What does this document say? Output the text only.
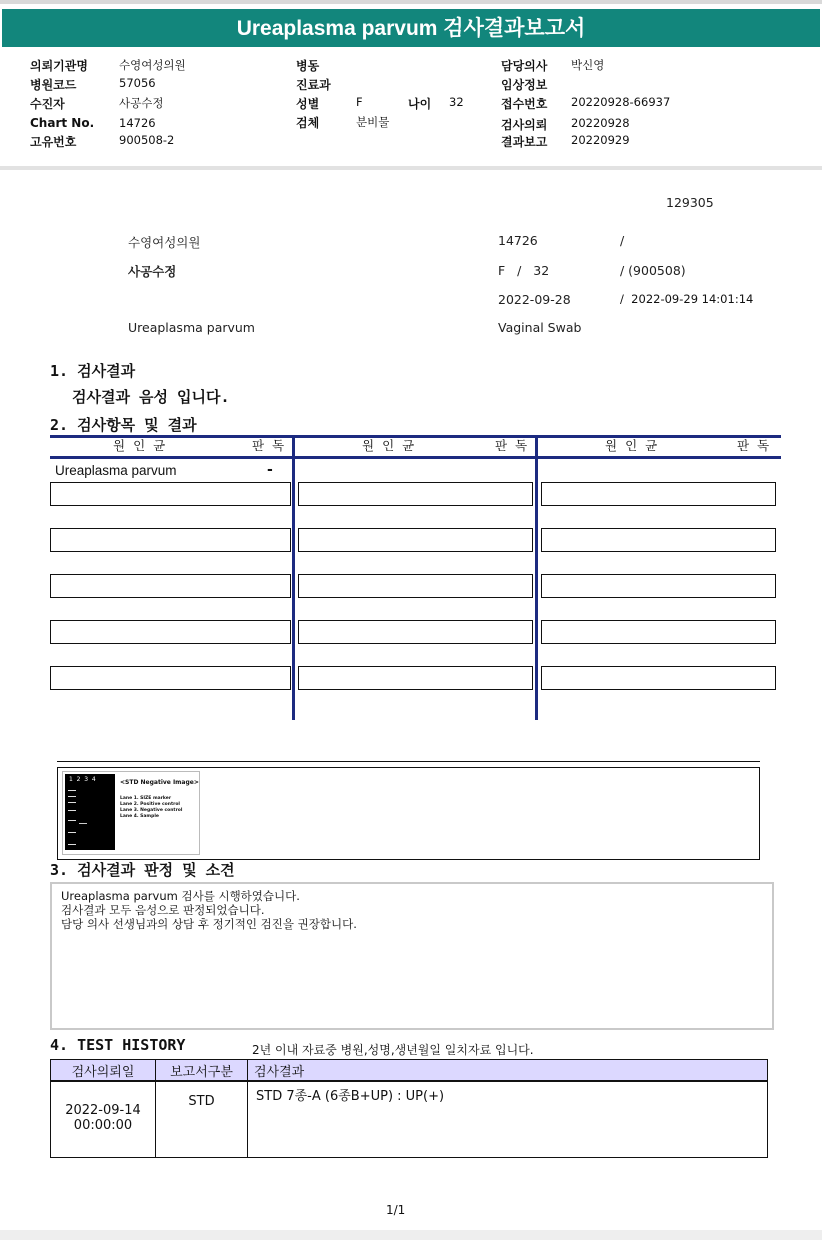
Ureaplasma parvum 검사결과보고서
의뢰기관명	수영여성의원
병원코드	57056
수진자	사공수정
Chart No. 14726
고유번호	900508-2
병동
진료과
성별	F	나이 32
검체	분비물
담당의사 박신영
임상정보
접수번호 20220928-66937
검사의뢰 20220928
결과보고 20220929
129305
수영여성의원	14726	/
사공수정	F   /   32	/ (900508)
2022-09-28	/  2022-09-29 14:01:14
Ureaplasma parvum	Vaginal Swab
1. 검사결과
검사결과 음성 입니다.
2. 검사항목 및 결과
원인균	판독	원인균	판독	원인균	판독
Ureaplasma parvum	-
1  2  3  4	<STD Negative Image>
Lane 1. SIZE marker
Lane 2. Positive control
Lane 3. Negative control
Lane 4. Sample
3. 검사결과 판정 및 소견
Ureaplasma parvum 검사를 시행하였습니다.
검사결과 모두 음성으로 판정되었습니다.
담당 의사 선생님과의 상담 후 정기적인 검진을 권장합니다.
4. TEST HISTORY	2년 이내 자료중 병원,성명,생년월일 일치자료 입니다.
검사의뢰일	보고서구분	검사결과

2022-09-14
00:00:00	STD	STD 7종-A (6종B+UP) : UP(+)
1/1
